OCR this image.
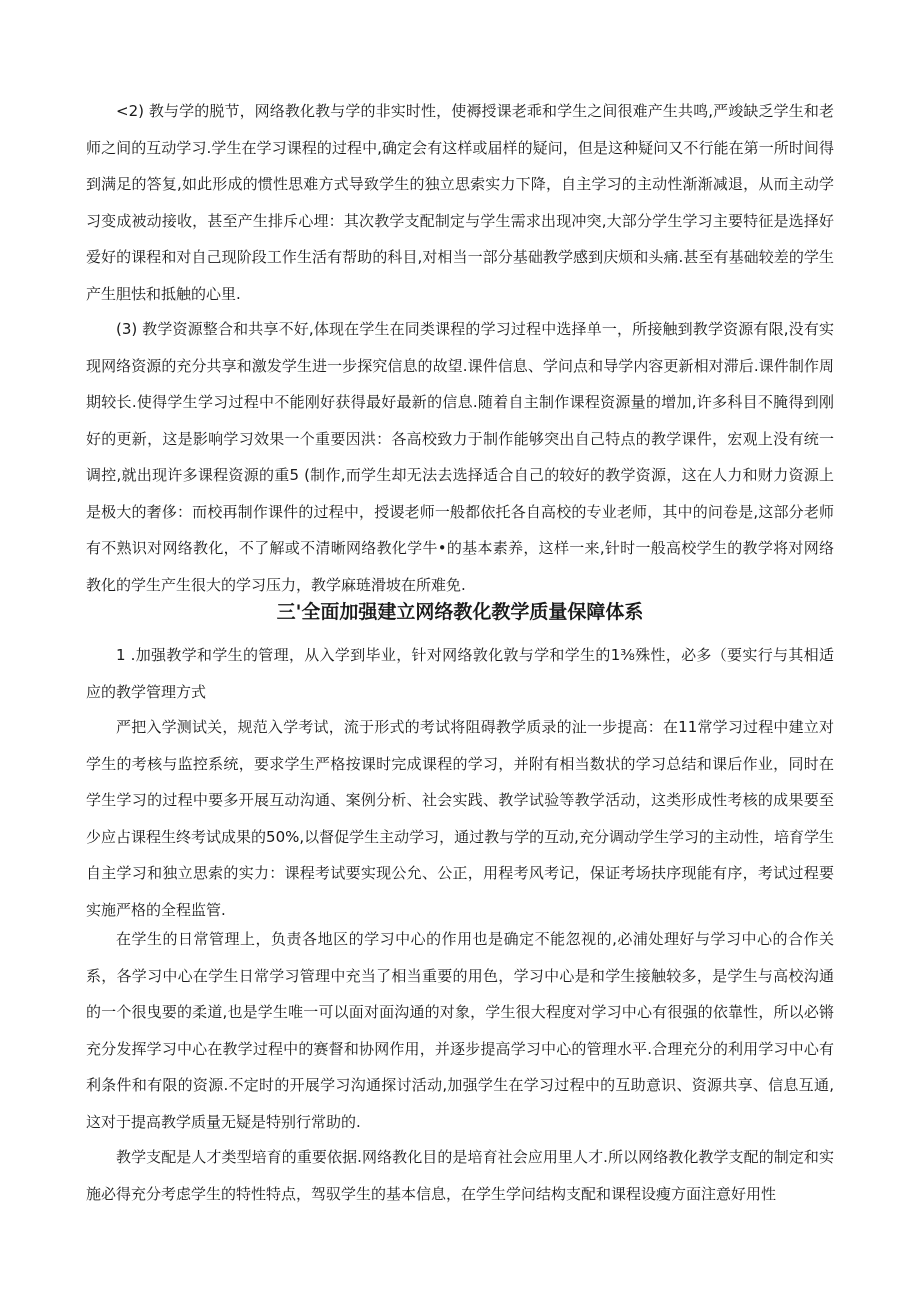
<2) 教与学的脱节，网络教化教与学的非实时性，使褥授课老乖和学生之间很难产生共鸣,严竣缺乏学生和老师之间的互动学习.学生在学习课程的过程中,确定会有这样或届样的疑问，但是这种疑问又不行能在第一所时间得到满足的答复,如此形成的惯性思难方式导致学生的独立思索实力下降，自主学习的主动性渐渐减退，从而主动学习变成被动接收，甚至产生排斥心埋：其次教学支配制定与学生需求出现冲突,大部分学生学习主要特征是选择好爱好的课程和对自己现阶段工作生活有帮助的科目,对相当一部分基础教学感到庆烦和头痛.甚至有基础较差的学生产生胆怯和抵触的心里.

(3) 教学资源整合和共享不好,体现在学生在同类课程的学习过程中选择单一，所接触到教学资源有限,没有实现网络资源的充分共享和激发学生进一步探究信息的故望.课件信息、学问点和导学内容更新相对滞后.课件制作周期较长.使得学生学习过程中不能刚好获得最好最新的信息.随着自主制作课程资源量的增加,许多科目不腌得到刚好的更新，这是影响学习效果一个重要因洪：各高校致力于制作能够突出自己特点的教学课件，宏观上没有统一调控,就出现许多课程资源的重5 (制作,而学生却无法去选择适合自己的较好的教学资源，这在人力和财力资源上是极大的奢侈：而校再制作课件的过程中，授谡老师一般都依托各自高校的专业老师，其中的问卷是,这部分老师有不熟识对网络教化，不了解或不清晰网络教化学牛•的基本素养，这样一来,针时一般高校学生的教学将对网络教化的学生产生很大的学习压力，教学麻琏滑坡在所难免.

三'全面加强建立网络教化教学质量保障体系

1 .加强教学和学生的管理，从入学到毕业，针对网络敦化敦与学和学生的1⅜殊性，必多（要实行与其相适应的教学管理方式

严把入学测试关，规范入学考试，流于形式的考试将阻碍教学质录的沚一步提高：在11常学习过程中建立对学生的考核与监控系统，要求学生严格按课时完成课程的学习，并附有相当数状的学习总结和课后作业，同时在学生学习的过程中要多开展互动沟通、案例分析、社会实践、教学试验等教学活动，这类形成性考核的成果要至少应占课程生终考试成果的50%,以督促学生主动学习，通过教与学的互动,充分调动学生学习的主动性，培育学生自主学习和独立思索的实力：课程考试要实现公允、公正，用程考风考记，保证考场扶序现能有序，考试过程要实施严格的全程监管.

在学生的日常管理上，负责各地区的学习中心的作用也是确定不能忽视的,必浦处理好与学习中心的合作关系，各学习中心在学生日常学习管理中充当了相当重要的用色，学习中心是和学生接触较多，是学生与高校沟通的一个很曳要的柔道,也是学生唯一可以面对面沟通的对象，学生很大程度对学习中心有很强的依靠性，所以必锵充分发挥学习中心在教学过程中的赛督和协网作用，并逐步提高学习中心的管理水平.合理充分的利用学习中心有利条件和有限的资源.不定时的开展学习沟通探讨活动,加强学生在学习过程中的互助意识、资源共享、信息互通,这对于提高教学质量无疑是特别行常助的.

教学支配是人才类型培育的重要依据.网络教化目的是培育社会应用里人才.所以网络教化教学支配的制定和实施必得充分考虑学生的特性特点，驾驭学生的基本信息，在学生学问结构支配和课程设瘦方面注意好用性
